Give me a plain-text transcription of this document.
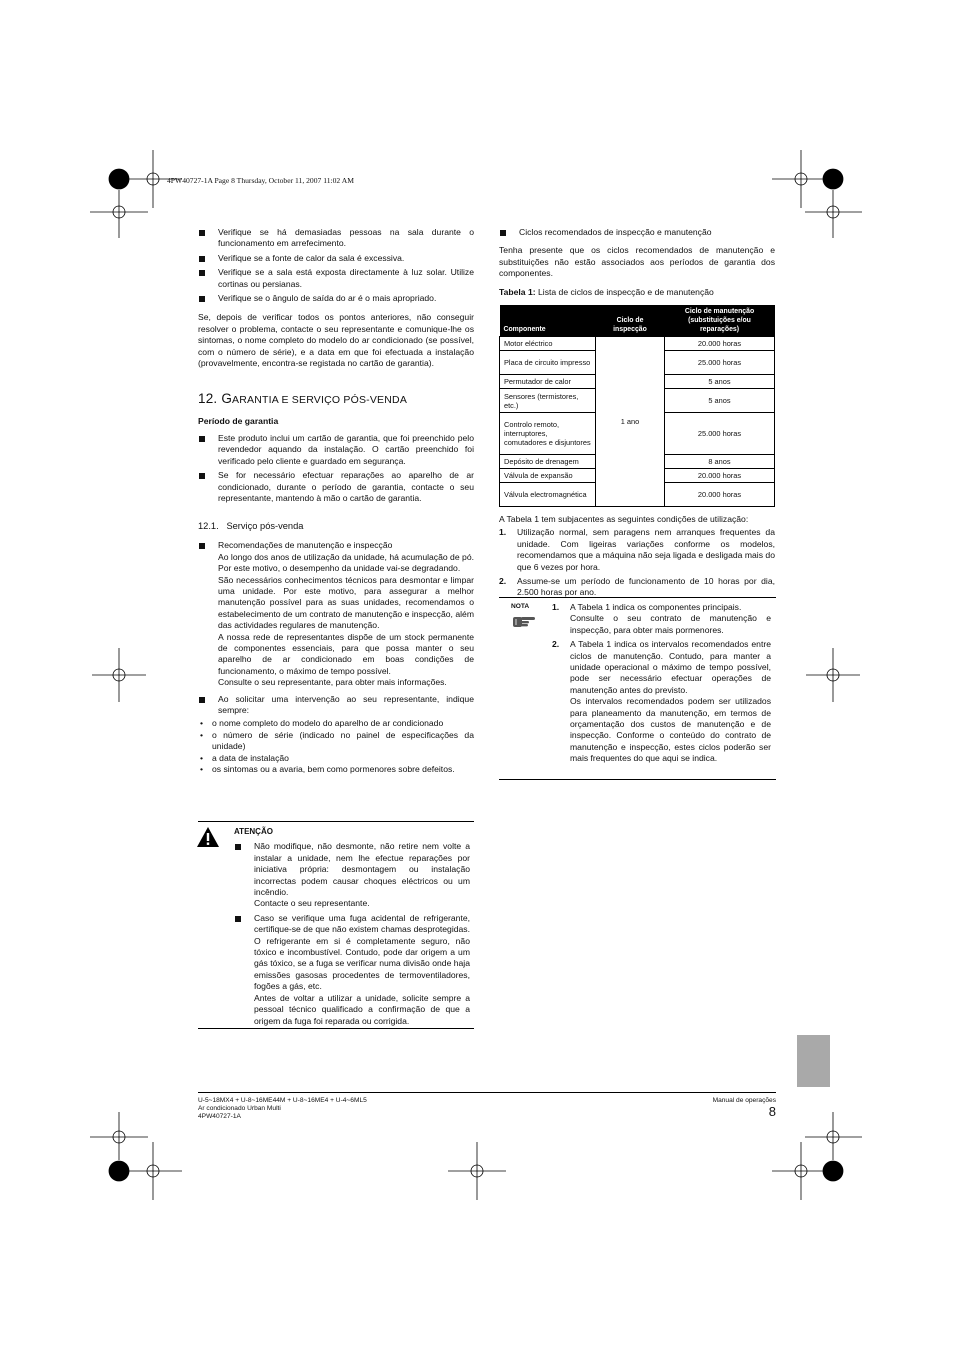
4PW40727-1A Page 8 Thursday, October 11, 2007 11:02 AM
Verifique se há demasiadas pessoas na sala durante o funcionamento em arrefecimento.
Verifique se a fonte de calor da sala é excessiva.
Verifique se a sala está exposta directamente à luz solar. Utilize cortinas ou persianas.
Verifique se o ângulo de saída do ar é o mais apropriado.
Se, depois de verificar todos os pontos anteriores, não conseguir resolver o problema, contacte o seu representante e comunique-lhe os sintomas, o nome completo do modelo do ar condicionado (se possível, com o número de série), e a data em que foi efectuada a instalação (provavelmente, encontra-se registada no cartão de garantia).
12. GARANTIA E SERVIÇO PÓS-VENDA
Período de garantia
Este produto inclui um cartão de garantia, que foi preenchido pelo revendedor aquando da instalação. O cartão preenchido foi verificado pelo cliente e guardado em segurança.
Se for necessário efectuar reparações ao aparelho de ar condicionado, durante o período de garantia, contacte o seu representante, mantendo à mão o cartão de garantia.
12.1. Serviço pós-venda
Recomendações de manutenção e inspecção
Ao longo dos anos de utilização da unidade, há acumulação de pó. Por este motivo, o desempenho da unidade vai-se degradando.
São necessários conhecimentos técnicos para desmontar e limpar uma unidade. Por este motivo, para assegurar a melhor manutenção possível para as suas unidades, recomendamos o estabelecimento de um contrato de manutenção e inspecção, além das actividades regulares de manutenção.
A nossa rede de representantes dispõe de um stock permanente de componentes essenciais, para que possa manter o seu aparelho de ar condicionado em boas condições de funcionamento, o máximo de tempo possível.
Consulte o seu representante, para obter mais informações.
Ao solicitar uma intervenção ao seu representante, indique sempre:
• o nome completo do modelo do aparelho de ar condicionado
• o número de série (indicado no painel de especificações da unidade)
• a data de instalação
• os sintomas ou a avaria, bem como pormenores sobre defeitos.
ATENÇÃO
Não modifique, não desmonte, não retire nem volte a instalar a unidade, nem lhe efectue reparações por iniciativa própria: desmontagem ou instalação incorrectas podem causar choques eléctricos ou um incêndio.
Contacte o seu representante.
Caso se verifique uma fuga acidental de refrigerante, certifique-se de que não existem chamas desprotegidas. O refrigerante em si é completamente seguro, não tóxico e incombustível. Contudo, pode dar origem a um gás tóxico, se a fuga se verificar numa divisão onde haja emissões gasosas procedentes de termoventiladores, fogões a gás, etc.
Antes de voltar a utilizar a unidade, solicite sempre a pessoal técnico qualificado a confirmação de que a origem da fuga foi reparada ou corrigida.
Ciclos recomendados de inspecção e manutenção
Tenha presente que os ciclos recomendados de manutenção e substituições não estão associados aos períodos de garantia dos componentes.
Tabela 1: Lista de ciclos de inspecção e de manutenção
Componente	Ciclo de inspecção	Ciclo de manutenção (substituições e/ou reparações)
Motor eléctrico	1 ano	20.000 horas
Placa de circuito impresso		25.000 horas
Permutador de calor		5 anos
Sensores (termistores, etc.)		5 anos
Controlo remoto, interruptores, comutadores e disjuntores		25.000 horas
Depósito de drenagem		8 anos
Válvula de expansão		20.000 horas
Válvula electromagnética		20.000 horas
A Tabela 1 tem subjacentes as seguintes condições de utilização:
1. Utilização normal, sem paragens nem arranques frequentes da unidade. Com ligeiras variações conforme os modelos, recomendamos que a máquina não seja ligada e desligada mais do que 6 vezes por hora.
2. Assume-se um período de funcionamento de 10 horas por dia, 2.500 horas por ano.
NOTA	1. A Tabela 1 indica os componentes principais.
Consulte o seu contrato de manutenção e inspecção, para obter mais pormenores.
2. A Tabela 1 indica os intervalos recomendados entre ciclos de manutenção. Contudo, para manter a unidade operacional o máximo de tempo possível, pode ser necessário efectuar operações de manutenção antes do previsto.
Os intervalos recomendados podem ser utilizados para planeamento da manutenção, em termos de orçamentação dos custos de manutenção e de inspecção. Conforme o conteúdo do contrato de manutenção e inspecção, estes ciclos poderão ser mais frequentes do que aqui se indica.
U-5~18MX4 + U-8~16ME44M + U-8~16ME4 + U-4~6ML5
Ar condicionado Urban Multi
4PW40727-1A
Manual de operações
8
